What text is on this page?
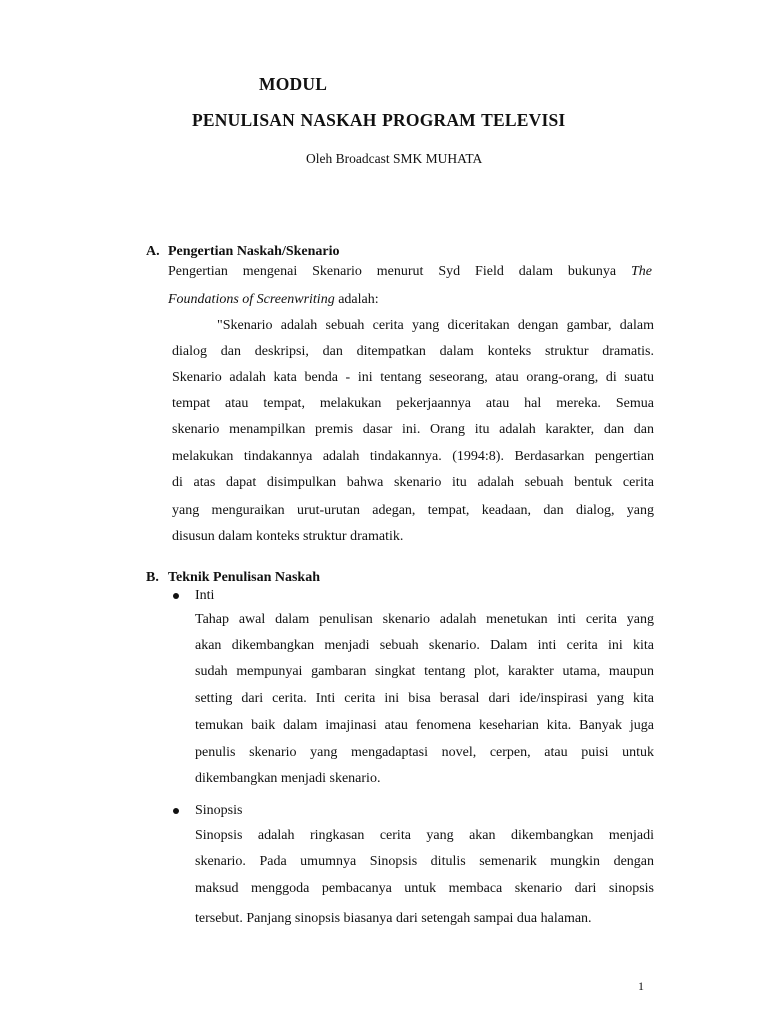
MODUL

PENULISAN NASKAH PROGRAM TELEVISI

Oleh Broadcast SMK MUHATA

A. Pengertian Naskah/Skenario

Pengertian mengenai Skenario menurut Syd Field dalam bukunya The

Foundations of Screenwriting adalah:

"Skenario adalah sebuah cerita yang diceritakan dengan gambar, dalam

dialog dan deskripsi, dan ditempatkan dalam konteks struktur dramatis.

Skenario adalah kata benda - ini tentang seseorang, atau orang-orang, di suatu

tempat atau tempat, melakukan pekerjaannya atau hal mereka. Semua

skenario menampilkan premis dasar ini. Orang itu adalah karakter, dan dan

melakukan tindakannya adalah tindakannya. (1994:8). Berdasarkan pengertian

di atas dapat disimpulkan bahwa skenario itu adalah sebuah bentuk cerita

yang menguraikan urut-urutan adegan, tempat, keadaan, dan dialog, yang

disusun dalam konteks struktur dramatik.

B. Teknik Penulisan Naskah

Inti

Tahap awal dalam penulisan skenario adalah menetukan inti cerita yang

akan dikembangkan menjadi sebuah skenario. Dalam inti cerita ini kita

sudah mempunyai gambaran singkat tentang plot, karakter utama, maupun

setting dari cerita. Inti cerita ini bisa berasal dari ide/inspirasi yang kita

temukan baik dalam imajinasi atau fenomena keseharian kita. Banyak juga

penulis skenario yang mengadaptasi novel, cerpen, atau puisi untuk

dikembangkan menjadi skenario.

Sinopsis

Sinopsis adalah ringkasan cerita yang akan dikembangkan menjadi

skenario. Pada umumnya Sinopsis ditulis semenarik mungkin dengan

maksud menggoda pembacanya untuk membaca skenario dari sinopsis

tersebut. Panjang sinopsis biasanya dari setengah sampai dua halaman.

1
